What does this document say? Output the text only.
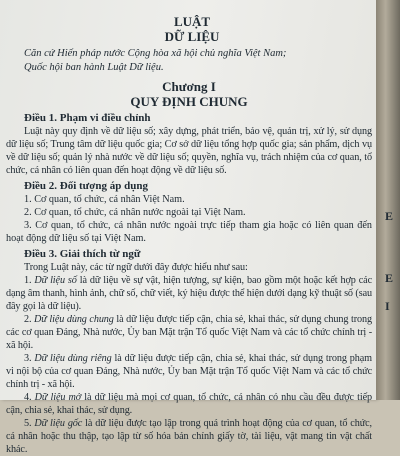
LUẬT
DỮ LIỆU
Căn cứ Hiến pháp nước Cộng hòa xã hội chủ nghĩa Việt Nam;
Quốc hội ban hành Luật Dữ liệu.
Chương I
QUY ĐỊNH CHUNG
Điều 1. Phạm vi điều chỉnh

Luật này quy định về dữ liệu số; xây dựng, phát triển, bảo vệ, quản trị, xử lý, sử dụng dữ liệu số; Trung tâm dữ liệu quốc gia; Cơ sở dữ liệu tổng hợp quốc gia; sản phẩm, dịch vụ về dữ liệu số; quản lý nhà nước về dữ liệu số; quyền, nghĩa vụ, trách nhiệm của cơ quan, tổ chức, cá nhân có liên quan đến hoạt động về dữ liệu số.

Điều 2. Đối tượng áp dụng
1. Cơ quan, tổ chức, cá nhân Việt Nam.
2. Cơ quan, tổ chức, cá nhân nước ngoài tại Việt Nam.
3. Cơ quan, tổ chức, cá nhân nước ngoài trực tiếp tham gia hoặc có liên quan đến hoạt động dữ liệu số tại Việt Nam.
Điều 3. Giải thích từ ngữ

Trong Luật này, các từ ngữ dưới đây được hiểu như sau:

1. Dữ liệu số là dữ liệu về sự vật, hiện tượng, sự kiện, bao gồm một hoặc kết hợp các dạng âm thanh, hình ảnh, chữ số, chữ viết, ký hiệu được thể hiện dưới dạng kỹ thuật số (sau đây gọi là dữ liệu).

2. Dữ liệu dùng chung là dữ liệu được tiếp cận, chia sẻ, khai thác, sử dụng chung trong các cơ quan Đảng, Nhà nước, Ủy ban Mặt trận Tổ quốc Việt Nam và các tổ chức chính trị - xã hội.

3. Dữ liệu dùng riêng là dữ liệu được tiếp cận, chia sẻ, khai thác, sử dụng trong phạm vi nội bộ của cơ quan Đảng, Nhà nước, Ủy ban Mặt trận Tổ quốc Việt Nam và các tổ chức chính trị - xã hội.

4. Dữ liệu mở là dữ liệu mà mọi cơ quan, tổ chức, cá nhân có nhu cầu đều được tiếp cận, chia sẻ, khai thác, sử dụng.

5. Dữ liệu gốc là dữ liệu được tạo lập trong quá trình hoạt động của cơ quan, tổ chức, cá nhân hoặc thu thập, tạo lập từ số hóa bản chính giấy tờ, tài liệu, vật mang tin vật chất khác.

E
E
I
